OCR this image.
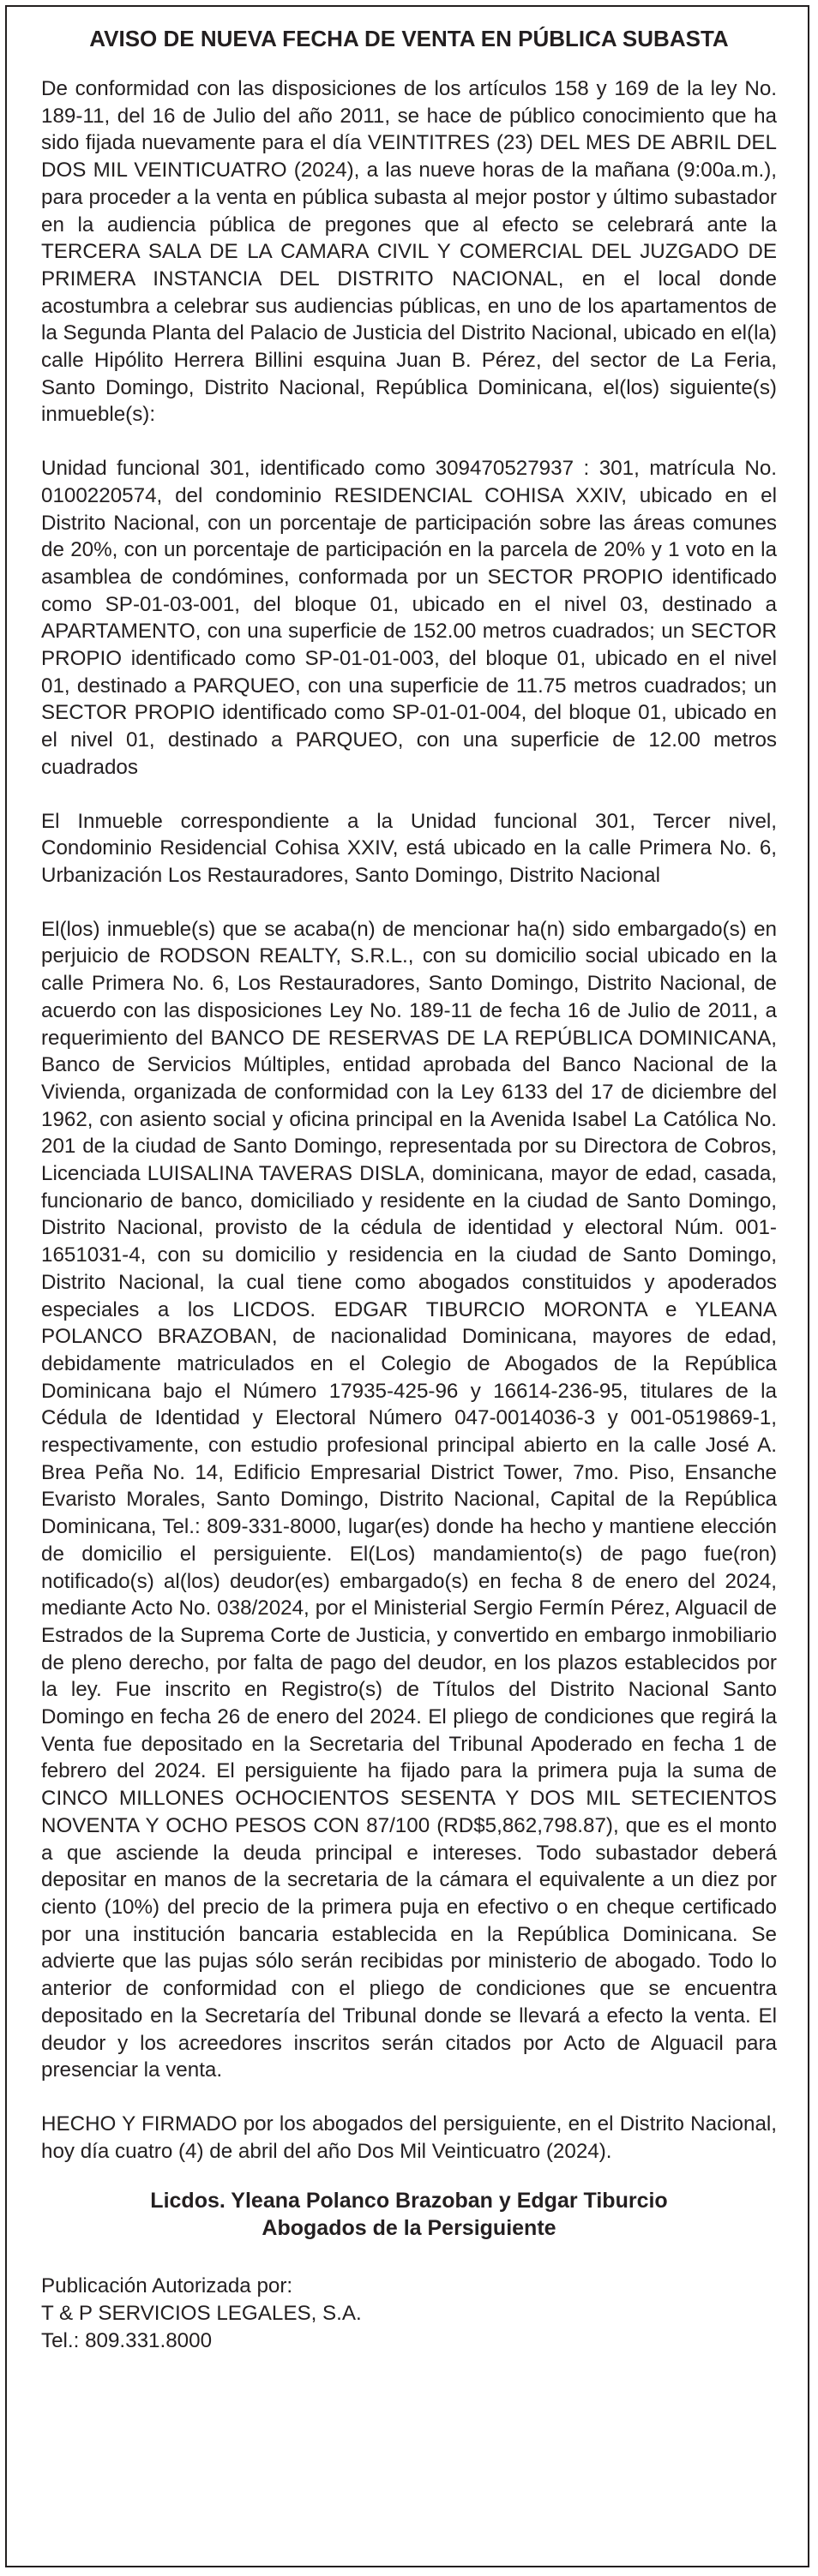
AVISO DE NUEVA FECHA DE VENTA EN PÚBLICA SUBASTA

De conformidad con las disposiciones de los artículos 158 y 169 de la ley No. 189-11, del 16 de Julio del año 2011, se hace de público conocimiento que ha sido fijada nuevamente para el día VEINTITRES (23) DEL MES DE ABRIL DEL DOS MIL VEINTICUATRO (2024), a las nueve horas de la mañana (9:00a.m.), para proceder a la venta en pública subasta al mejor postor y último subastador en la audiencia pública de pregones que al efecto se celebrará ante la TERCERA SALA DE LA CAMARA CIVIL Y COMERCIAL DEL JUZGADO DE PRIMERA INSTANCIA DEL DISTRITO NACIONAL, en el local donde acostumbra a celebrar sus audiencias públicas, en uno de los apartamentos de la Segunda Planta del Palacio de Justicia del Distrito Nacional, ubicado en el(la) calle Hipólito Herrera Billini esquina Juan B. Pérez, del sector de La Feria, Santo Domingo, Distrito Nacional, República Dominicana, el(los) siguiente(s) inmueble(s):

Unidad funcional 301, identificado como 309470527937 : 301, matrícula No. 0100220574, del condominio RESIDENCIAL COHISA XXIV, ubicado en el Distrito Nacional, con un porcentaje de participación sobre las áreas comunes de 20%, con un porcentaje de participación en la parcela de 20% y 1 voto en la asamblea de condómines, conformada por un SECTOR PROPIO identificado como SP-01-03-001, del bloque 01, ubicado en el nivel 03, destinado a APARTAMENTO, con una superficie de 152.00 metros cuadrados; un SECTOR PROPIO identificado como SP-01-01-003, del bloque 01, ubicado en el nivel 01, destinado a PARQUEO, con una superficie de 11.75 metros cuadrados; un SECTOR PROPIO identificado como SP-01-01-004, del bloque 01, ubicado en el nivel 01, destinado a PARQUEO, con una superficie de 12.00 metros cuadrados

El Inmueble correspondiente a la Unidad funcional 301, Tercer nivel, Condominio Residencial Cohisa XXIV, está ubicado en la calle Primera No. 6, Urbanización Los Restauradores, Santo Domingo, Distrito Nacional

El(los) inmueble(s) que se acaba(n) de mencionar ha(n) sido embargado(s) en perjuicio de RODSON REALTY, S.R.L., con su domicilio social ubicado en la calle Primera No. 6, Los Restauradores, Santo Domingo, Distrito Nacional, de acuerdo con las disposiciones Ley No. 189-11 de fecha 16 de Julio de 2011, a requerimiento del BANCO DE RESERVAS DE LA REPÚBLICA DOMINICANA, Banco de Servicios Múltiples, entidad aprobada del Banco Nacional de la Vivienda, organizada de conformidad con la Ley 6133 del 17 de diciembre del 1962, con asiento social y oficina principal en la Avenida Isabel La Católica No. 201 de la ciudad de Santo Domingo, representada por su Directora de Cobros, Licenciada LUISALINA TAVERAS DISLA, dominicana, mayor de edad, casada, funcionario de banco, domiciliado y residente en la ciudad de Santo Domingo, Distrito Nacional, provisto de la cédula de identidad y electoral Núm. 001-1651031-4, con su domicilio y residencia en la ciudad de Santo Domingo, Distrito Nacional, la cual tiene como abogados constituidos y apoderados especiales a los LICDOS. EDGAR TIBURCIO MORONTA e YLEANA POLANCO BRAZOBAN, de nacionalidad Dominicana, mayores de edad, debidamente matriculados en el Colegio de Abogados de la República Dominicana bajo el Número 17935-425-96 y 16614-236-95, titulares de la Cédula de Identidad y Electoral Número 047-0014036-3 y 001-0519869-1, respectivamente, con estudio profesional principal abierto en la calle José A. Brea Peña No. 14, Edificio Empresarial District Tower, 7mo. Piso, Ensanche Evaristo Morales, Santo Domingo, Distrito Nacional, Capital de la República Dominicana, Tel.: 809-331-8000, lugar(es) donde ha hecho y mantiene elección de domicilio el persiguiente. El(Los) mandamiento(s) de pago fue(ron) notificado(s) al(los) deudor(es) embargado(s) en fecha 8 de enero del 2024, mediante Acto No. 038/2024, por el Ministerial Sergio Fermín Pérez, Alguacil de Estrados de la Suprema Corte de Justicia, y convertido en embargo inmobiliario de pleno derecho, por falta de pago del deudor, en los plazos establecidos por la ley. Fue inscrito en Registro(s) de Títulos del Distrito Nacional Santo Domingo en fecha 26 de enero del 2024. El pliego de condiciones que regirá la Venta fue depositado en la Secretaria del Tribunal Apoderado en fecha 1 de febrero del 2024. El persiguiente ha fijado para la primera puja la suma de CINCO MILLONES OCHOCIENTOS SESENTA Y DOS MIL SETECIENTOS NOVENTA Y OCHO PESOS CON 87/100 (RD$5,862,798.87), que es el monto a que asciende la deuda principal e intereses. Todo subastador deberá depositar en manos de la secretaria de la cámara el equivalente a un diez por ciento (10%) del precio de la primera puja en efectivo o en cheque certificado por una institución bancaria establecida en la República Dominicana. Se advierte que las pujas sólo serán recibidas por ministerio de abogado. Todo lo anterior de conformidad con el pliego de condiciones que se encuentra depositado en la Secretaría del Tribunal donde se llevará a efecto la venta. El deudor y los acreedores inscritos serán citados por Acto de Alguacil para presenciar la venta.

HECHO Y FIRMADO por los abogados del persiguiente, en el Distrito Nacional, hoy día cuatro (4) de abril del año Dos Mil Veinticuatro (2024).

Licdos. Yleana Polanco Brazoban y Edgar Tiburcio
Abogados de la Persiguiente
Publicación Autorizada por:
T & P SERVICIOS LEGALES, S.A.
Tel.: 809.331.8000
